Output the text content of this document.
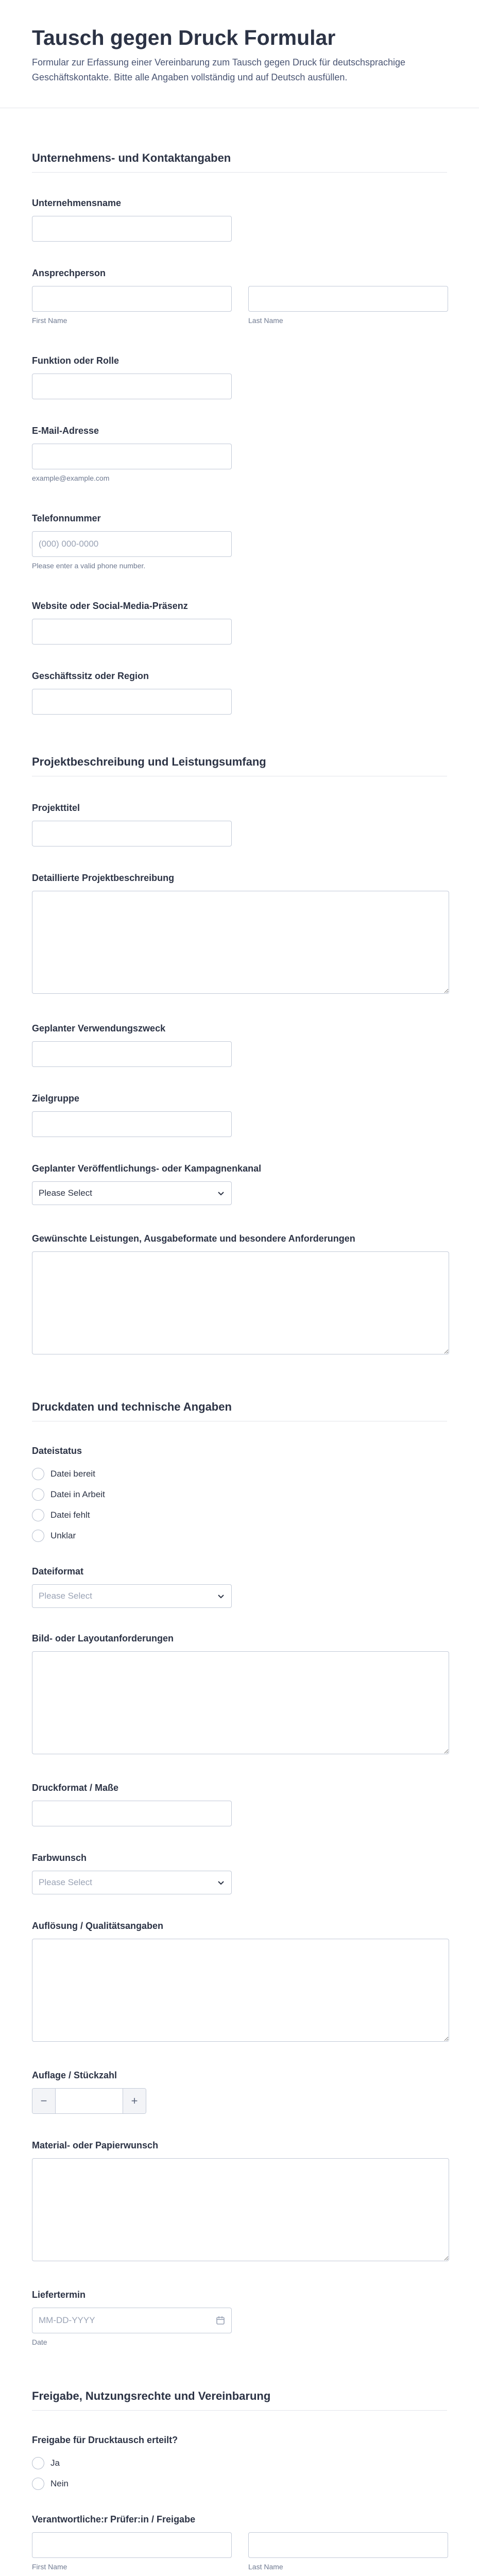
Tausch gegen Druck Formular

Formular zur Erfassung einer Vereinbarung zum Tausch gegen Druck für deutschsprachige Geschäftskontakte. Bitte alle Angaben vollständig und auf Deutsch ausfüllen.

Unternehmens- und Kontaktangaben
Unternehmensname
Ansprechperson
First Name	Last Name
Funktion oder Rolle
E-Mail-Adresse
example@example.com
Telefonnummer
(000) 000-0000
Please enter a valid phone number.
Website oder Social-Media-Präsenz
Geschäftssitz oder Region
Projektbeschreibung und Leistungsumfang
Projekttitel
Detaillierte Projektbeschreibung
Geplanter Verwendungszweck
Zielgruppe
Geplanter Veröffentlichungs- oder Kampagnenkanal
Please Select
Gewünschte Leistungen, Ausgabeformate und besondere Anforderungen
Druckdaten und technische Angaben
Dateistatus
Datei bereit
Datei in Arbeit
Datei fehlt
Unklar
Dateiformat
Please Select
Bild- oder Layoutanforderungen
Druckformat / Maße
Farbwunsch
Please Select
Auflösung / Qualitätsangaben
Auflage / Stückzahl
−	+
Material- oder Papierwunsch
Liefertermin
MM-DD-YYYY
Date
Freigabe, Nutzungsrechte und Vereinbarung
Freigabe für Drucktausch erteilt?
Ja
Nein
Verantwortliche:r Prüfer:in / Freigabe
First Name	Last Name
